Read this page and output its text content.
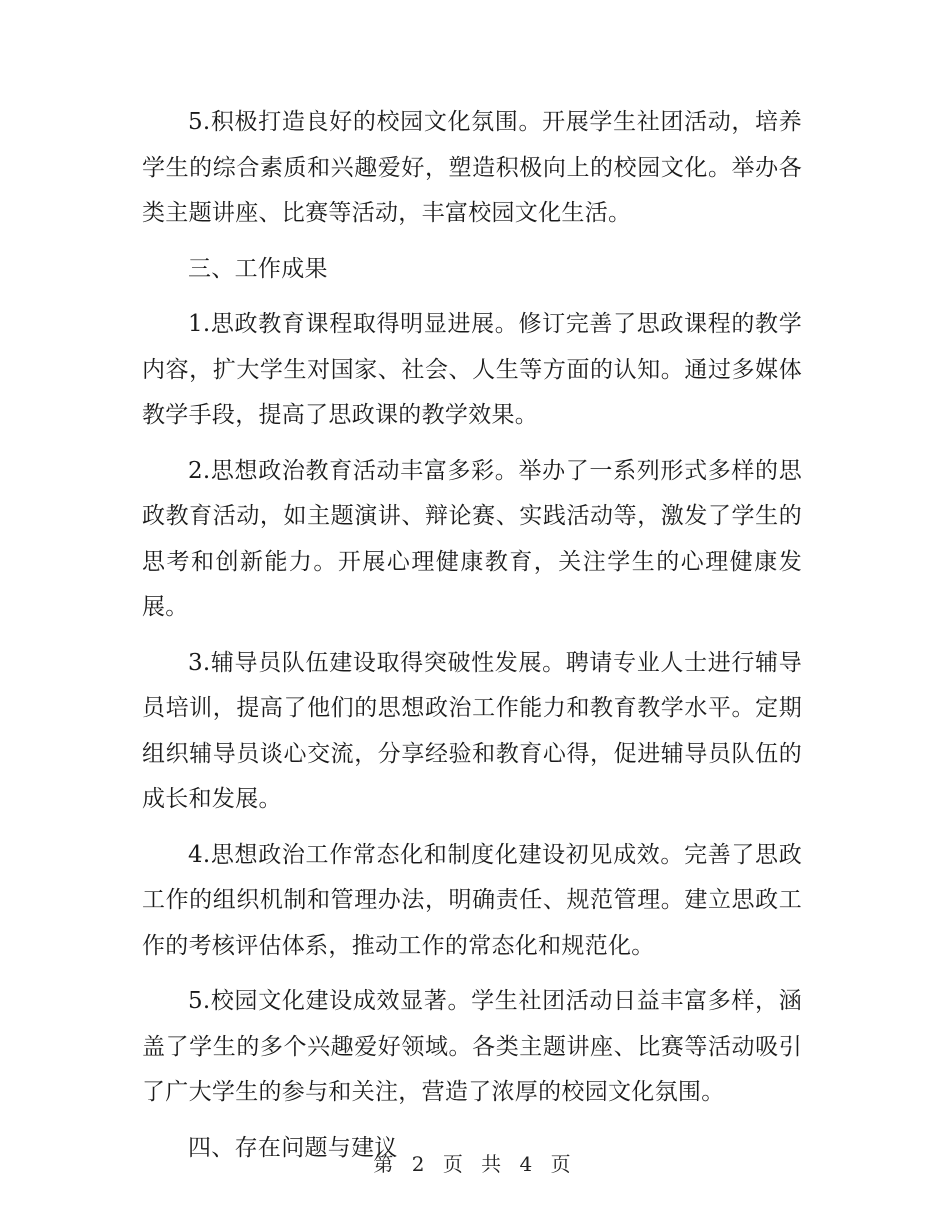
5.积极打造良好的校园文化氛围。开展学生社团活动，培养学生的综合素质和兴趣爱好，塑造积极向上的校园文化。举办各类主题讲座、比赛等活动，丰富校园文化生活。

三、工作成果

1.思政教育课程取得明显进展。修订完善了思政课程的教学内容，扩大学生对国家、社会、人生等方面的认知。通过多媒体教学手段，提高了思政课的教学效果。

2.思想政治教育活动丰富多彩。举办了一系列形式多样的思政教育活动，如主题演讲、辩论赛、实践活动等，激发了学生的思考和创新能力。开展心理健康教育，关注学生的心理健康发展。

3.辅导员队伍建设取得突破性发展。聘请专业人士进行辅导员培训，提高了他们的思想政治工作能力和教育教学水平。定期组织辅导员谈心交流，分享经验和教育心得，促进辅导员队伍的成长和发展。

4.思想政治工作常态化和制度化建设初见成效。完善了思政工作的组织机制和管理办法，明确责任、规范管理。建立思政工作的考核评估体系，推动工作的常态化和规范化。

5.校园文化建设成效显著。学生社团活动日益丰富多样，涵盖了学生的多个兴趣爱好领域。各类主题讲座、比赛等活动吸引了广大学生的参与和关注，营造了浓厚的校园文化氛围。

四、存在问题与建议

第 2 页 共 4 页
